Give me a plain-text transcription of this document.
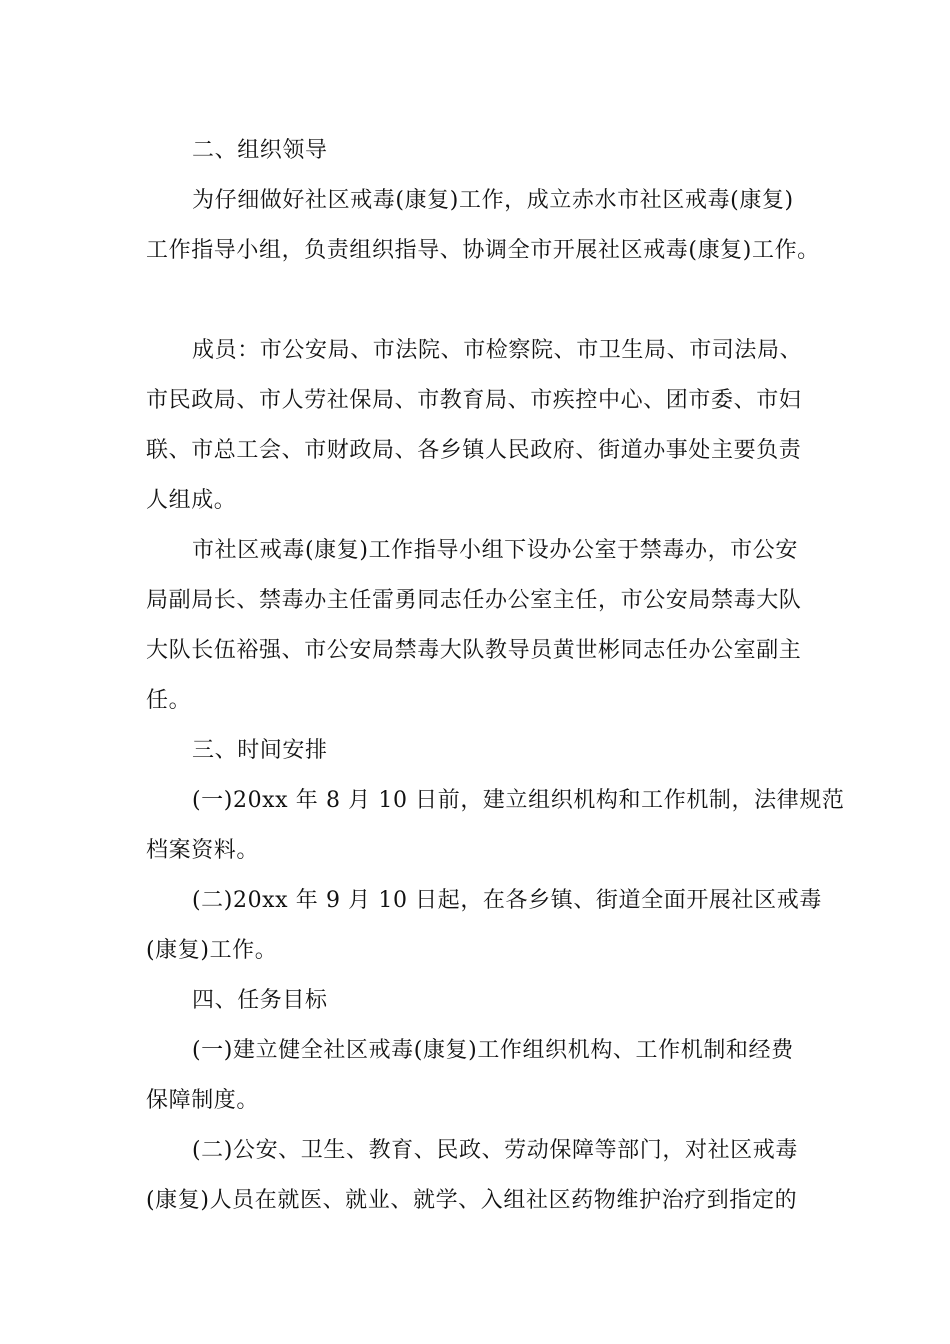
二、组织领导
为仔细做好社区戒毒(康复)工作，成立赤水市社区戒毒(康复)
工作指导小组，负责组织指导、协调全市开展社区戒毒(康复)工作。
成员：市公安局、市法院、市检察院、市卫生局、市司法局、
市民政局、市人劳社保局、市教育局、市疾控中心、团市委、市妇
联、市总工会、市财政局、各乡镇人民政府、街道办事处主要负责
人组成。
市社区戒毒(康复)工作指导小组下设办公室于禁毒办，市公安
局副局长、禁毒办主任雷勇同志任办公室主任，市公安局禁毒大队
大队长伍裕强、市公安局禁毒大队教导员黄世彬同志任办公室副主
任。
三、时间安排
(一)20xx 年 8 月 10 日前，建立组织机构和工作机制，法律规范
档案资料。
(二)20xx 年 9 月 10 日起，在各乡镇、街道全面开展社区戒毒
(康复)工作。
四、任务目标
(一)建立健全社区戒毒(康复)工作组织机构、工作机制和经费
保障制度。
(二)公安、卫生、教育、民政、劳动保障等部门，对社区戒毒
(康复)人员在就医、就业、就学、入组社区药物维护治疗到指定的
